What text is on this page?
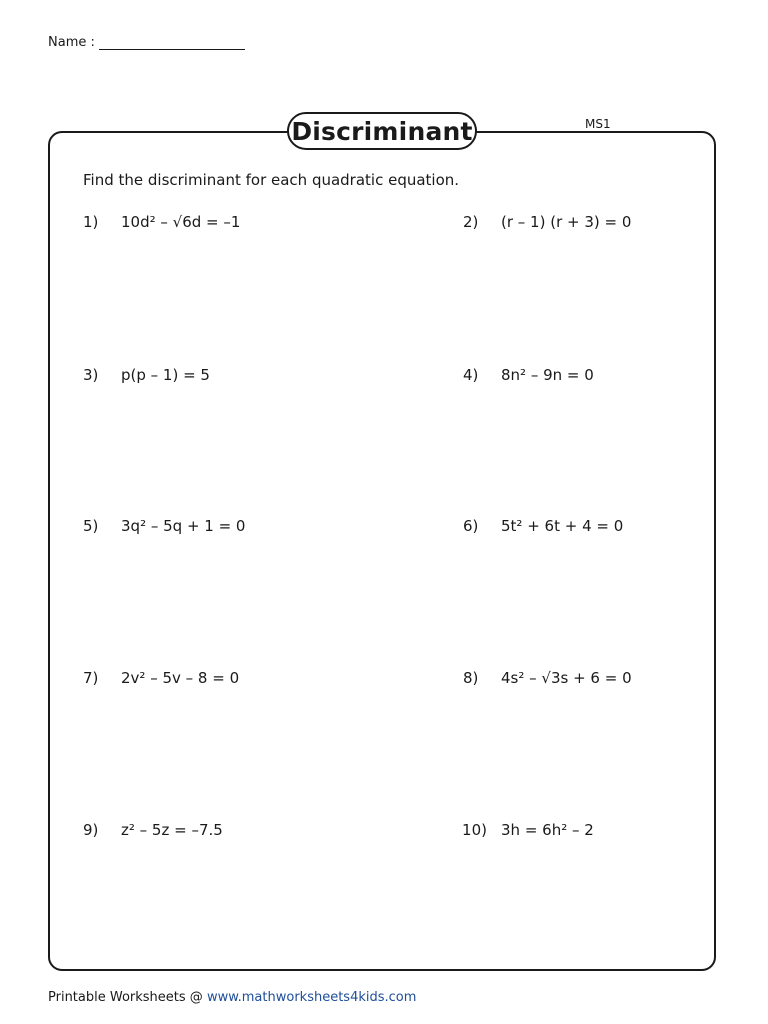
Name :
Discriminant	MS1
Find the discriminant for each quadratic equation.
1) 10d² – √6d = –1	2) (r – 1) (r + 3) = 0
3) p(p – 1) = 5	4) 8n² – 9n = 0
5) 3q² – 5q + 1 = 0	6) 5t² + 6t + 4 = 0
7) 2v² – 5v – 8 = 0	8) 4s² – √3s + 6 = 0
9) z² – 5z = –7.5	10) 3h = 6h² – 2
Printable Worksheets @ www.mathworksheets4kids.com
